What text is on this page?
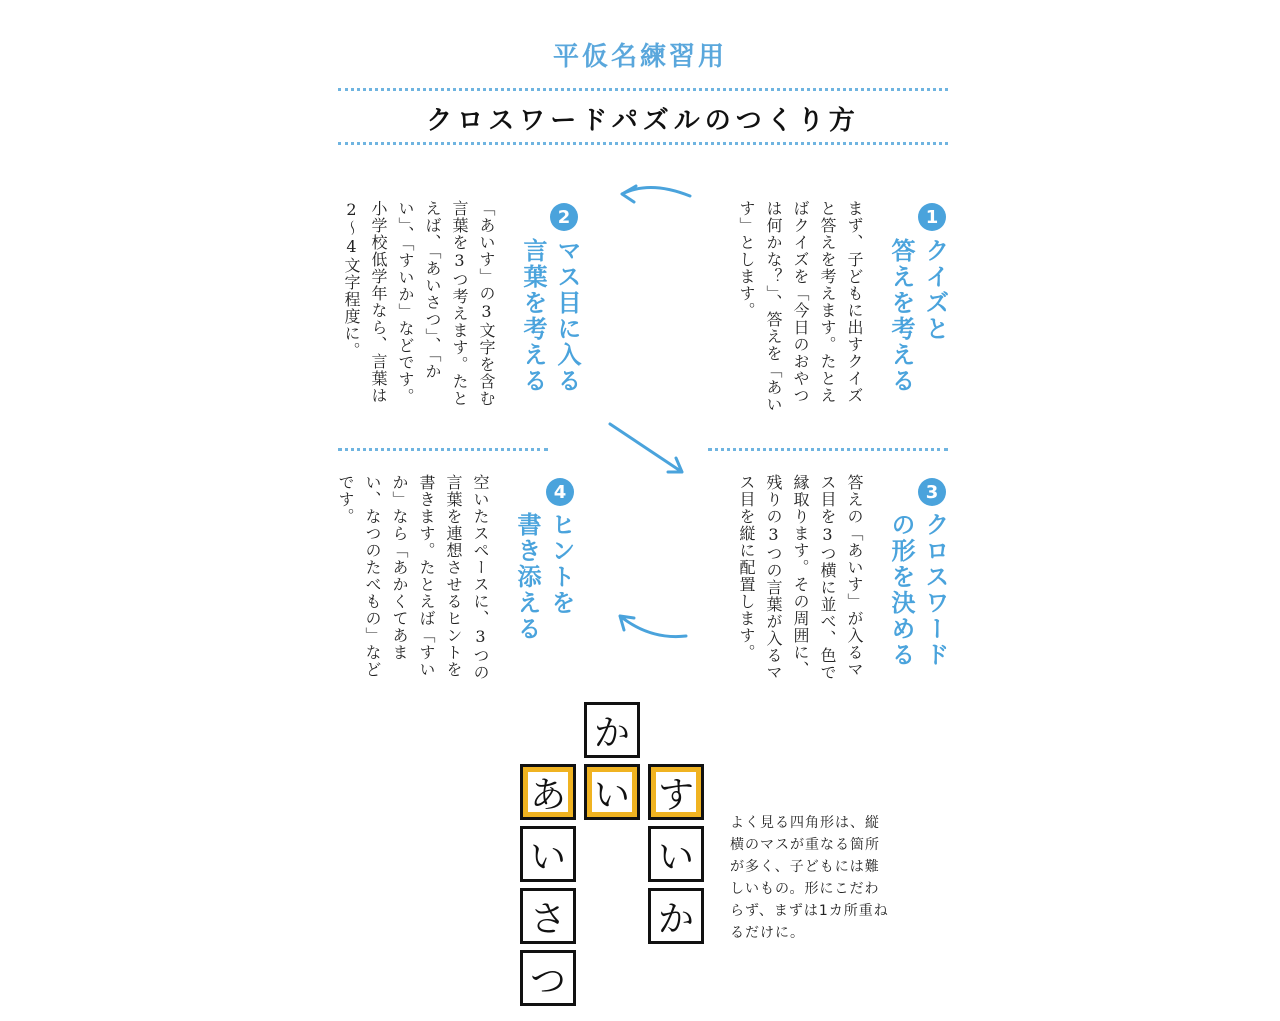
平仮名練習用
クロスワードパズルのつくり方
1
クイズと
答えを考える
まず、子どもに出すクイズと答えを考えます。たとえばクイズを「今日のおやつは何かな？」、答えを「あいす」とします。
2
マス目に入る
言葉を考える
「あいす」の3文字を含む言葉を3つ考えます。たとえば、「あいさつ」、「かい」、「すいか」などです。小学校低学年なら、言葉は2～4文字程度に。
3
クロスワード
の形を決める
答えの「あいす」が入るマス目を3つ横に並べ、色で縁取ります。その周囲に、残りの3つの言葉が入るマス目を縦に配置します。
4
ヒントを
書き添える
空いたスペースに、3つの言葉を連想させるヒントを書きます。たとえば「すいか」なら「あかくてあまい、なつのたべもの」などです。
か
あ い す
い	い
さ	か
つ
よく見る四角形は、縦横のマスが重なる箇所が多く、子どもには難しいもの。形にこだわらず、まずは1カ所重ねるだけに。
